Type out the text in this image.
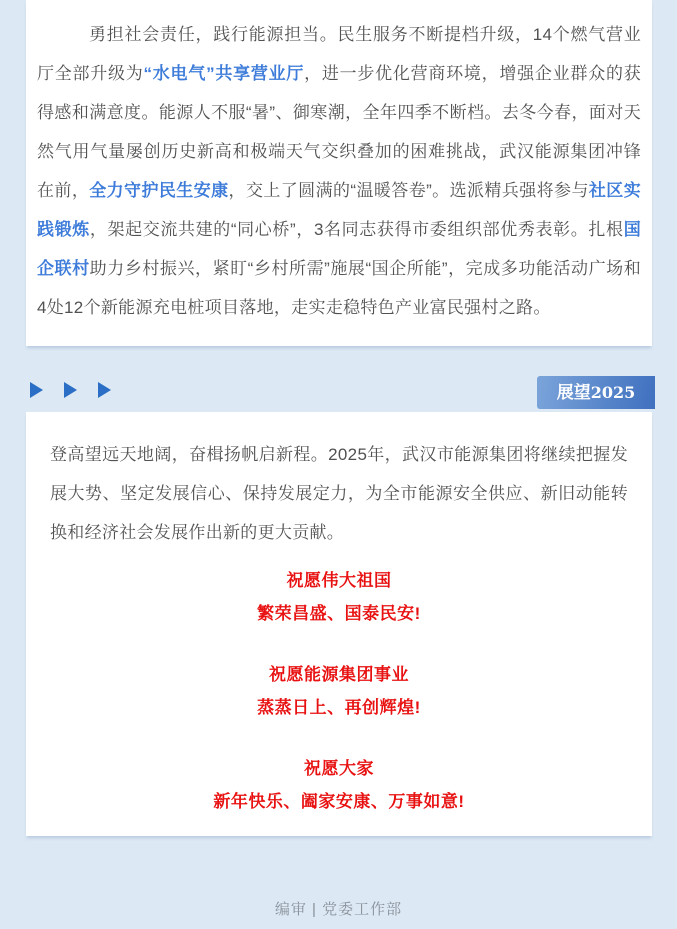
勇担社会责任，践行能源担当。民生服务不断提档升级，14个燃气营业厅全部升级为“水电气”共享营业厅，进一步优化营商环境，增强企业群众的获得感和满意度。能源人不服“暑”、御寒潮，全年四季不断档。去冬今春，面对天然气用气量屡创历史新高和极端天气交织叠加的困难挑战，武汉能源集团冲锋在前，全力守护民生安康，交上了圆满的“温暖答卷”。选派精兵强将参与社区实践锻炼，架起交流共建的“同心桥”，3名同志获得市委组织部优秀表彰。扎根国企联村助力乡村振兴，紧盯“乡村所需”施展“国企所能”，完成多功能活动广场和4处12个新能源充电桩项目落地，走实走稳特色产业富民强村之路。

展望2025

登高望远天地阔，奋楫扬帆启新程。2025年，武汉市能源集团将继续把握发展大势、坚定发展信心、保持发展定力，为全市能源安全供应、新旧动能转换和经济社会发展作出新的更大贡献。

祝愿伟大祖国
繁荣昌盛、国泰民安!
祝愿能源集团事业
蒸蒸日上、再创辉煌!
祝愿大家
新年快乐、阖家安康、万事如意!
编审 | 党委工作部
